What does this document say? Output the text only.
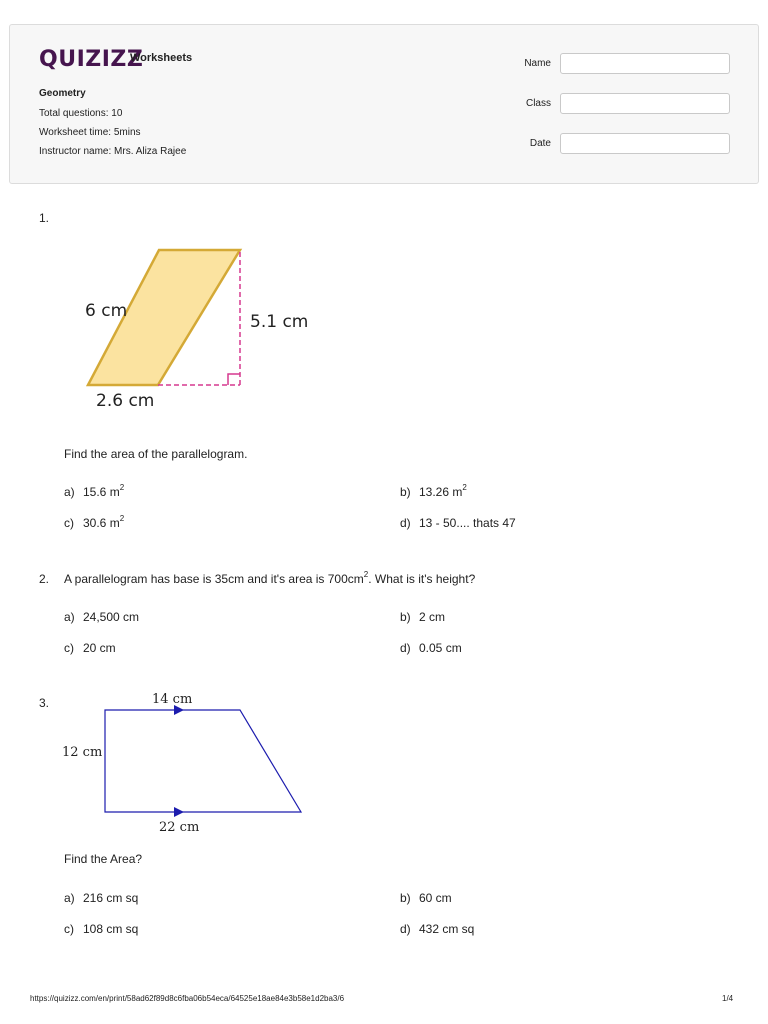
QUIZIZZ
Worksheets
Geometry
Total questions: 10
Worksheet time: 5mins
Instructor name: Mrs. Aliza Rajee
Name
Class
Date
1.
6 cm
5.1 cm
2.6 cm
Find the area of the parallelogram.
a) 15.6 $m^2$	b) 13.26 $m^2$
c) 30.6 $m^2$	d) 13 - 50.... thats 47
2. A parallelogram has base is 35cm and it's area is $700cm^2$. What is it's height?
a) 24,500 cm	b) 2 cm
c) 20 cm	d) 0.05 cm
3.	14 cm
12 cm
22 cm
Find the Area?
a) 216 cm sq	b) 60 cm
c) 108 cm sq	d) 432 cm sq
https://quizizz.com/en/print/58ad62f89d8c6fba06b54eca/64525e18ae84e3b58e1d2ba3/6	1/4
